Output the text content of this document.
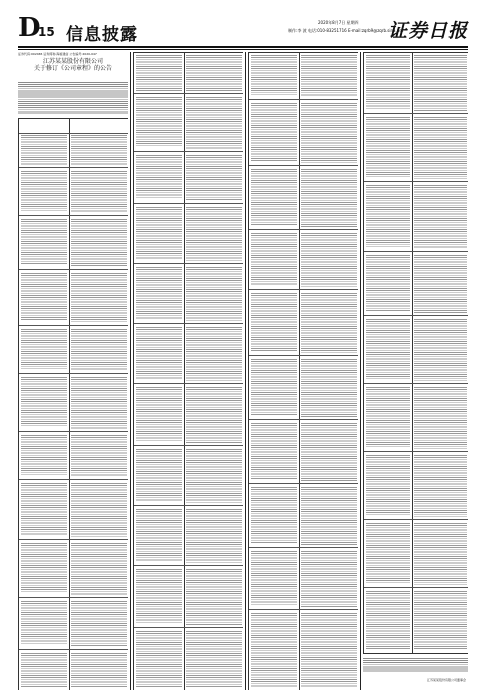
D
15 信息披露
2020年8月7日 星期四
制作:李 波 电话:010-83251716 E-mail:zqrb9@zqrb.sina.net
证券日报
证券代码:002465 证券简称:海格通信 公告编号:2020-047
江苏某某股份有限公司
关于修订《公司章程》的公告
江苏某某股份有限公司董事会
